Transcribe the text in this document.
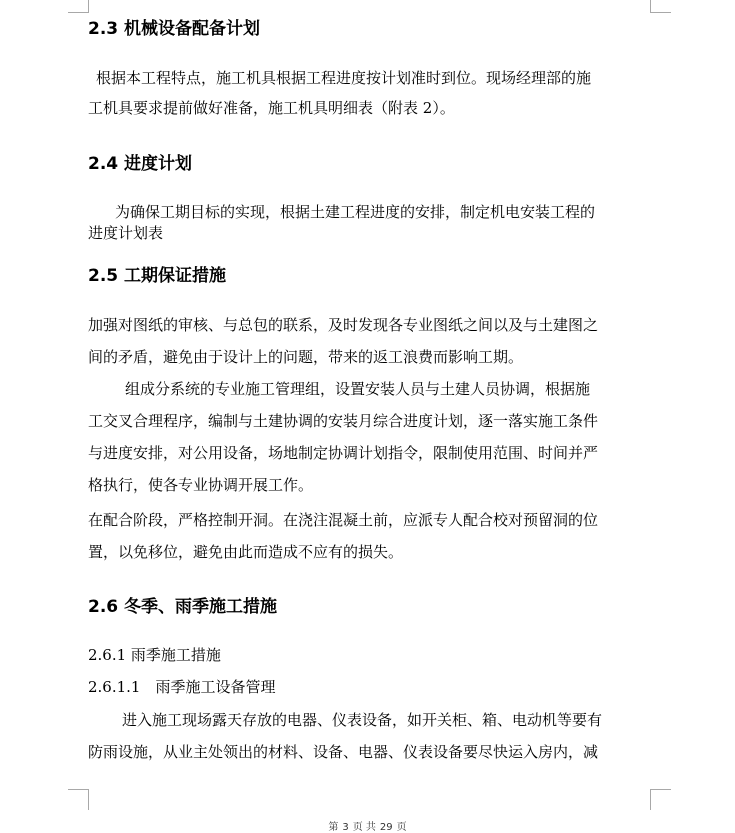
2.3 机械设备配备计划
根据本工程特点，施工机具根据工程进度按计划准时到位。现场经理部的施
工机具要求提前做好准备，施工机具明细表（附表 2）。
2.4 进度计划
为确保工期目标的实现，根据土建工程进度的安排，制定机电安装工程的
进度计划表
2.5 工期保证措施
加强对图纸的审核、与总包的联系，及时发现各专业图纸之间以及与土建图之
间的矛盾，避免由于设计上的问题，带来的返工浪费而影响工期。
组成分系统的专业施工管理组，设置安装人员与土建人员协调，根据施
工交叉合理程序，编制与土建协调的安装月综合进度计划，逐一落实施工条件
与进度安排，对公用设备，场地制定协调计划指令，限制使用范围、时间并严
格执行，使各专业协调开展工作。
在配合阶段，严格控制开洞。在浇注混凝土前，应派专人配合校对预留洞的位
置，以免移位，避免由此而造成不应有的损失。
2.6 冬季、雨季施工措施
2.6.1 雨季施工措施
2.6.1.1　雨季施工设备管理
进入施工现场露天存放的电器、仪表设备，如开关柜、箱、电动机等要有
防雨设施，从业主处领出的材料、设备、电器、仪表设备要尽快运入房内，减
第 3 页 共 29 页
